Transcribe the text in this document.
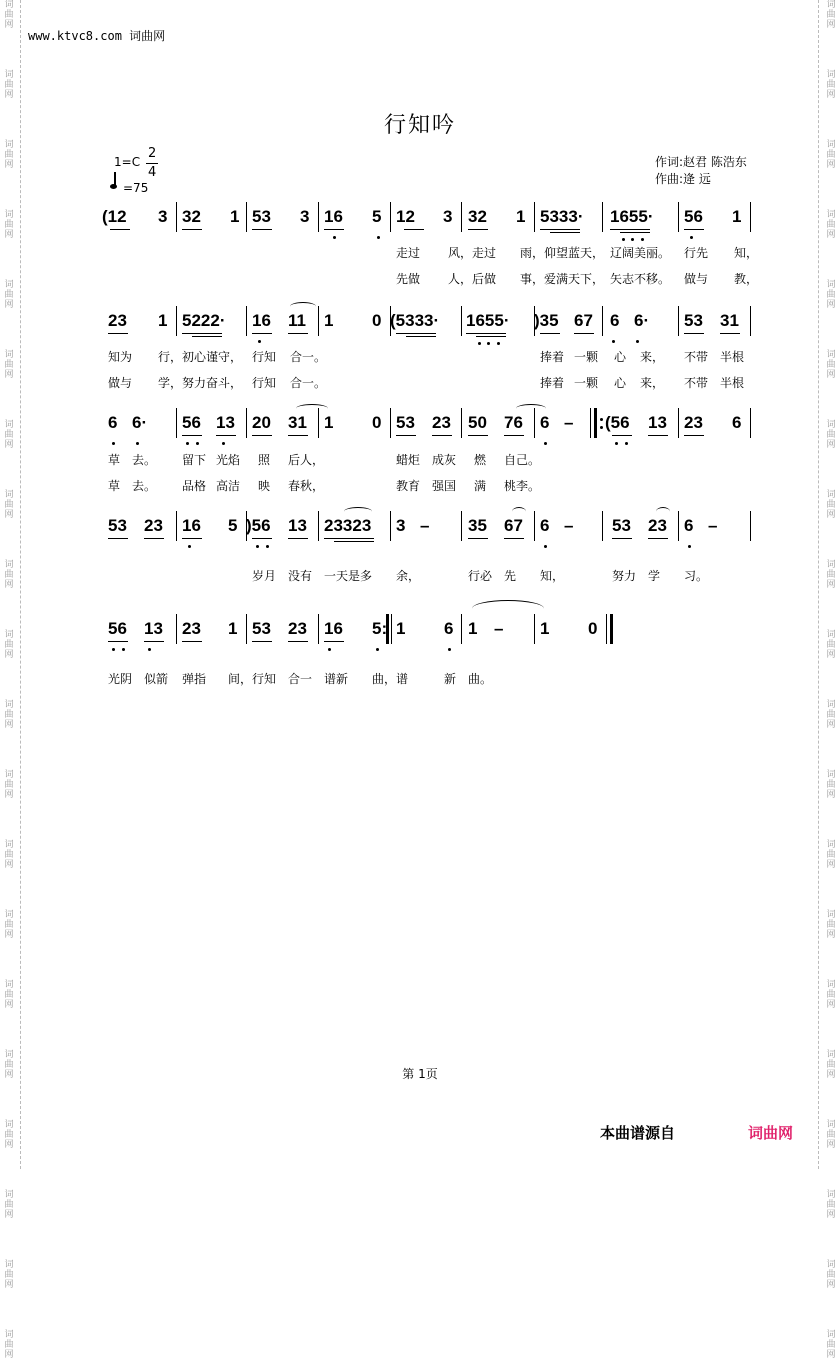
词
曲
网
词
曲
网
词
曲
网
词
曲
网
词
曲
网
词
曲
网
词
曲
网
词
曲
网
词
曲
网
词
曲
网
词
曲
网
词
曲
网
词
曲
网
词
曲
网
词
曲
网
词
曲
网
词
曲
网
词
曲
网
词
曲
网
词
曲
网
词
曲
网
词
曲
网
词
曲
网
词
曲
网
词
曲
网
词
曲
网
词
曲
网
词
曲
网
词
曲
网
词
曲
网
词
曲
网
词
曲
网
词
曲
网
词
曲
网
词
曲
网
词
曲
网
词
曲
网
词
曲
网
词
曲
网
词
曲
网
www.ktvc8.com 词曲网
行知吟
1=C
2
4
=75
作词:赵君 陈浩东
作曲:逄 远
(12 3 32 1 53 3 16 5 12 3 32 1 5333· 1655· 56 1
走过 风，走过 雨，仰望蓝天， 辽阔美丽。 行先 知，
先做 人，后做 事，爱满天下， 矢志不移。 做与 教，
23 1 5222· 16 11 1 0 (5333· 1655· )35 67 6 6· 53 31
知为 行，初心谨守， 行知 合一。	捧着 一颗 心 来， 不带 半根
做与 学，努力奋斗， 行知 合一。	捧着 一颗 心 来， 不带 半根
6 6· 56 13 20 31 1 0 53 23 50 76 6 – (56 13 23 6
草 去。 留下 光焰 照 后人，	蜡炬 成灰 燃 自己。
草 去。 品格 高洁 映 春秋，	教育 强国 满 桃李。
53 23 16 5 )56 13 23323 3 – 35 67 6 – 53 23 6 –
岁月 没有 一天是多 余，	行必 先 知，	努力 学 习。
56 13 23 1 53 23 16 5: 1 6 1 – 1 0
光阴 似箭 弹指 间，行知 合一 谱新 曲，谱	新 曲。
第 1页
本曲谱源自	词曲网
